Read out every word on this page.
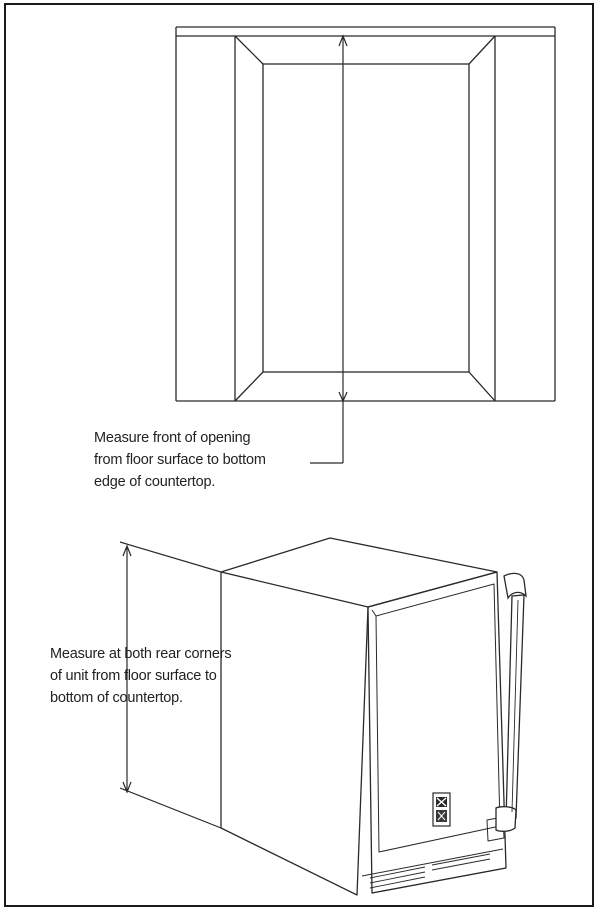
Measure front of opening
from floor surface to bottom
edge of countertop.
Measure at both rear corners
of unit from floor surface to
bottom of countertop.
